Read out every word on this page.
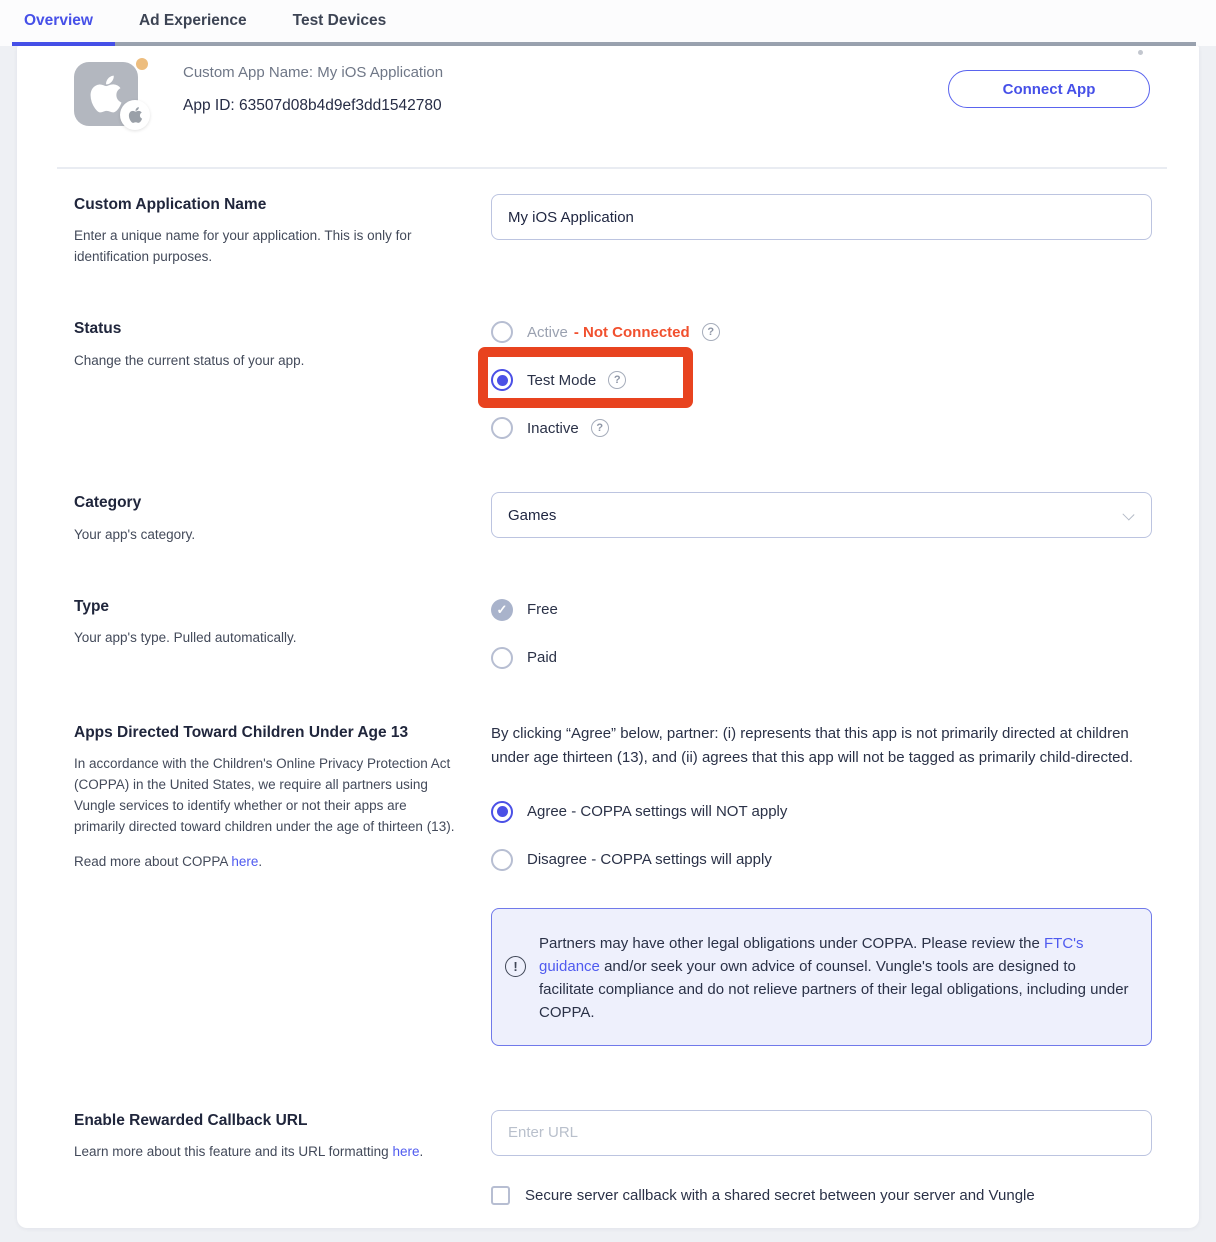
Overview	Ad Experience	Test Devices
Custom App Name: My iOS Application
App ID: 63507d08b4d9ef3dd1542780
Connect App
Custom Application Name
Enter a unique name for your application. This is only for identification purposes.
My iOS Application
Status
Change the current status of your app.
Active - Not Connected
?
Test Mode
?
Inactive
?
Category
Your app's category.
Games
Type
Your app's type. Pulled automatically.
✓	Free
Paid
Apps Directed Toward Children Under Age 13
In accordance with the Children's Online Privacy Protection Act (COPPA) in the United States, we require all partners using Vungle services to identify whether or not their apps are primarily directed toward children under the age of thirteen (13).
Read more about COPPA here.
By clicking “Agree” below, partner: (i) represents that this app is not primarily directed at children under age thirteen (13), and (ii) agrees that this app will not be tagged as primarily child-directed.
Agree - COPPA settings will NOT apply
Disagree - COPPA settings will apply
!
Partners may have other legal obligations under COPPA. Please review the FTC's guidance and/or seek your own advice of counsel. Vungle's tools are designed to facilitate compliance and do not relieve partners of their legal obligations, including under COPPA.
Enable Rewarded Callback URL
Learn more about this feature and its URL formatting here.
Enter URL
Secure server callback with a shared secret between your server and Vungle
